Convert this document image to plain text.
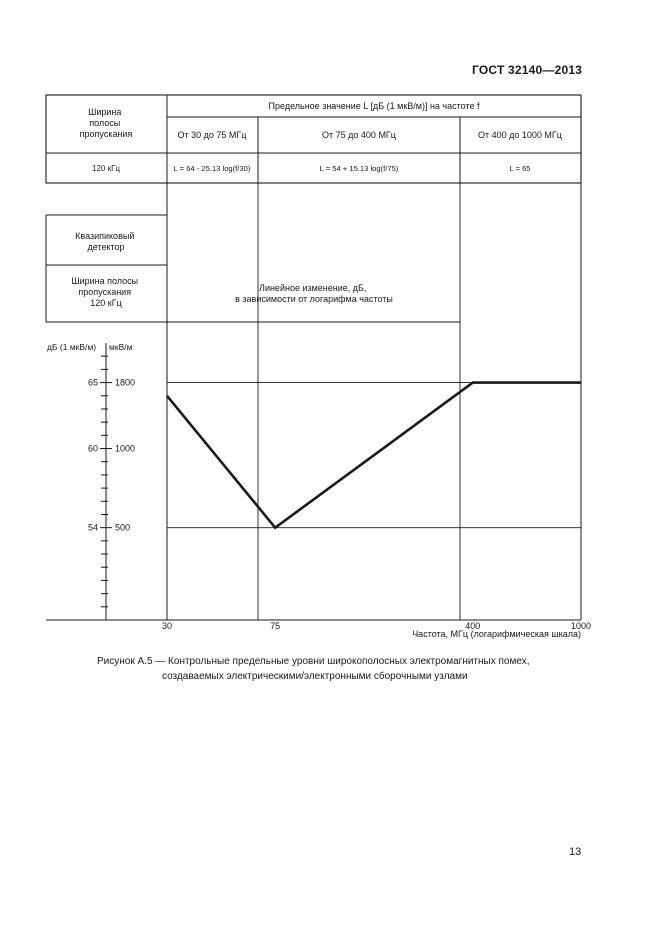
ГОСТ 32140—2013
Ширина полосы пропускания
Предельное значение L [дБ (1 мкВ/м)] на частоте f
От 30 до 75 МГц	От 75 до 400 МГц	От 400 до 1000 МГц
120 кГц	L = 64 - 25.13 log(f/30)	L = 54 + 15.13 log(f/75)	L = 65
Квазипиковый детектор
Ширина полосы пропускания 120 кГц
Линейное изменение, дБ, в зависимости от логарифма частоты
дБ (1 мкВ/м) мкВ/м
65 1800
60 1000
54 500
30	75	400	1000
Частота, МГц (логарифмическая шкала)
Рисунок А.5 — Контрольные предельные уровни широкополосных электромагнитных помех,
создаваемых электрическими/электронными сборочными узлами
13
